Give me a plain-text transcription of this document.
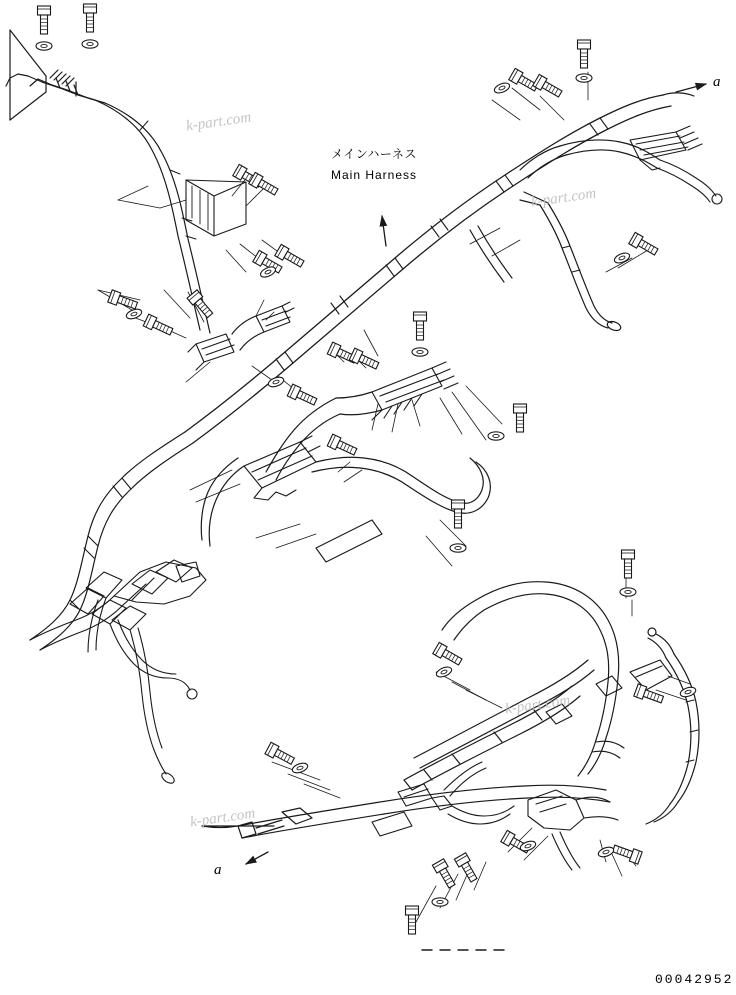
メインハーネス
Main Harness
a
a
00042952
k-part.com
k-part.com
k-part.com
k-part.com
